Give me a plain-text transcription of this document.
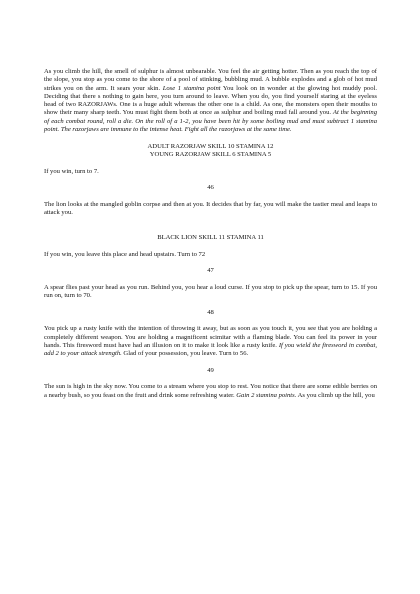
As you climb the hill, the smell of sulphur is almost unbearable. You feel the air getting hotter. Then as you reach the top of the slope, you stop as you come to the shore of a pool of stinking, bubbling mud. A bubble explodes and a glob of hot mud strikes you on the arm. It sears your skin. Lose 1 stamina point You look on in wonder at the glowing hot muddy pool. Deciding that there s nothing to gain here, you turn around to leave. When you do, you find yourself staring at the eyeless head of two RAZORJAWs. One is a huge adult whereas the other one is a child. As one, the monsters open their mouths to show their many sharp teeth. You must fight them both at once as sulphur and boiling mud fall around you. At the beginning of each combat round, roll a die. On the roll of a 1-2, you have been hit by some boiling mud and must subtract 1 stamina point. The razorjaws are immune to the intense heat. Fight all the razorjaws at the same time.

ADULT RAZORJAW SKILL 10 STAMINA 12

YOUNG RAZORJAW SKILL 6 STAMINA 5

If you win, turn to 7.

46

The lion looks at the mangled goblin corpse and then at you. It decides that by far, you will make the tastier meal and leaps to attack you.

BLACK LION SKILL 11 STAMINA 11

If you win, you leave this place and head upstairs. Turn to 72

47

A spear flies past your head as you run. Behind you, you hear a loud curse. If you stop to pick up the spear, turn to 15. If you run on, turn to 70.

48

You pick up a rusty knife with the intention of throwing it away, but as soon as you touch it, you see that you are holding a completely different weapon. You are holding a magnificent scimitar with a flaming blade. You can feel its power in your hands. This firesword must have had an illusion on it to make it look like a rusty knife. If you wield the firesword in combat, add 2 to your attack strength. Glad of your possession, you leave. Turn to 56.

49

The sun is high in the sky now. You come to a stream where you stop to rest. You notice that there are some edible berries on a nearby bush, so you feast on the fruit and drink some refreshing water. Gain 2 stamina points. As you climb up the hill, you
